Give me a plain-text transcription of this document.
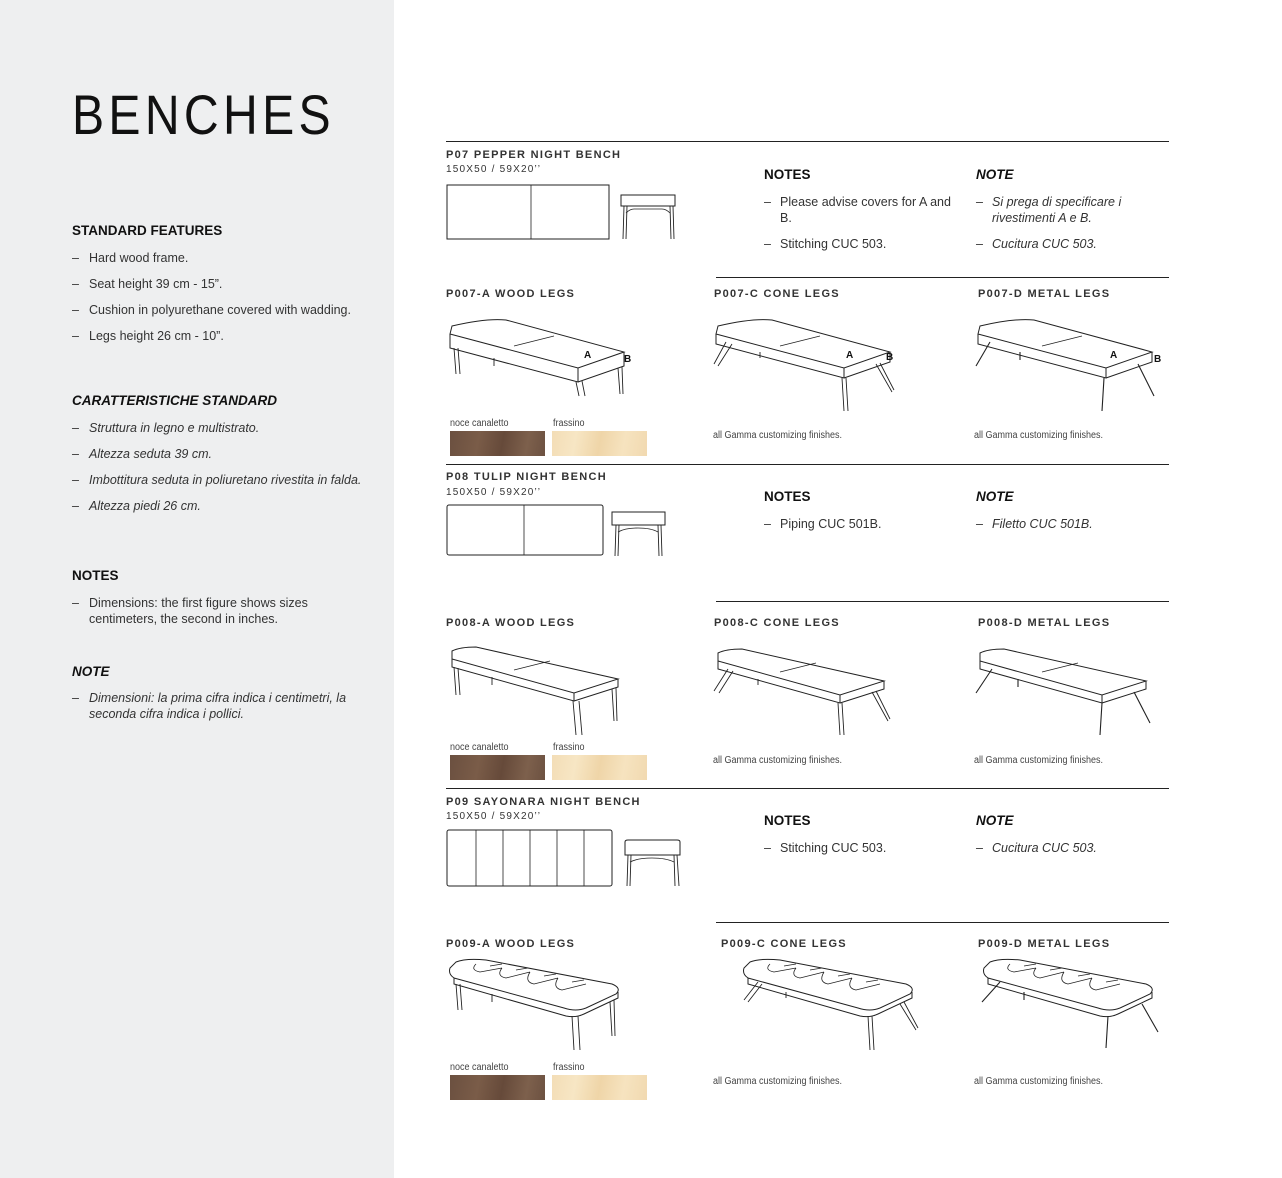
BENCHES
STANDARD FEATURES
– Hard wood frame.
– Seat height 39 cm - 15”.
– Cushion in polyurethane covered with wadding.
– Legs height 26 cm - 10”.
CARATTERISTICHE STANDARD
– Struttura in legno e multistrato.
– Altezza seduta 39 cm.
– Imbottitura seduta in poliuretano rivestita in falda.
– Altezza piedi 26 cm.
NOTES
– Dimensions: the first figure shows sizes centimeters, the second in inches.
NOTE
– Dimensioni: la prima cifra indica i centimetri, la seconda cifra indica i pollici.
P07 PEPPER NIGHT BENCH
150X50 / 59X20’’	NOTES
– Please advise covers for A and B.
– Stitching CUC 503.
NOTE
– Si prega di specificare i rivestimenti A e B.
– Cucitura CUC 503.
P007-A WOOD LEGS
A	B
noce canaletto	frassino
P007-C CONE LEGS
A	B
all Gamma customizing finishes.
P007-D METAL LEGS
A	B
all Gamma customizing finishes.
P08 TULIP NIGHT BENCH
150X50 / 59X20’’	NOTES
– Piping CUC 501B.
NOTE
– Filetto CUC 501B.
P008-A WOOD LEGS
noce canaletto	frassino
P008-C CONE LEGS
all Gamma customizing finishes.
P008-D METAL LEGS
all Gamma customizing finishes.
P09 SAYONARA NIGHT BENCH
150X50 / 59X20’’	NOTES
– Stitching CUC 503.
NOTE
– Cucitura CUC 503.
P009-A WOOD LEGS
noce canaletto	frassino
P009-C CONE LEGS
all Gamma customizing finishes.
P009-D METAL LEGS
all Gamma customizing finishes.
